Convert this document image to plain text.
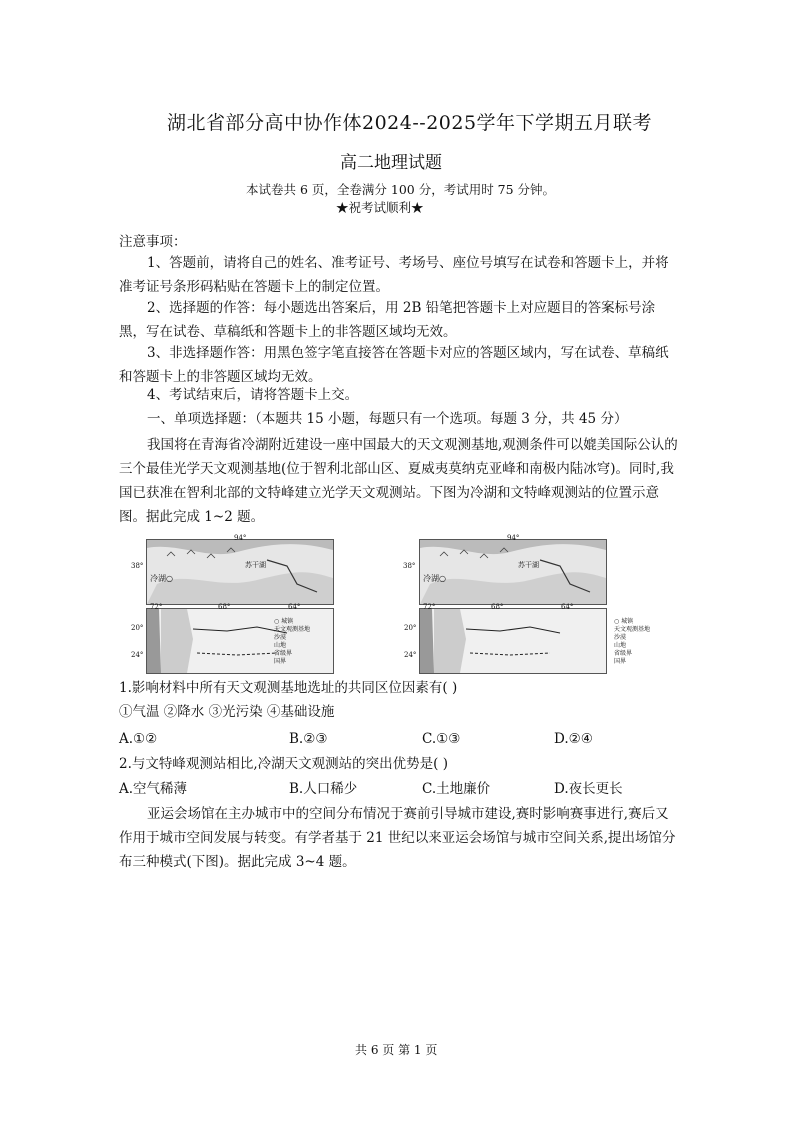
湖北省部分高中协作体2024--2025学年下学期五月联考
高二地理试题
本试卷共 6 页，全卷满分 100 分，考试用时 75 分钟。
★祝考试顺利★
注意事项：
1、答题前，请将自己的姓名、准考证号、考场号、座位号填写在试卷和答题卡上，并将准考证号条形码粘贴在答题卡上的制定位置。
2、选择题的作答：每小题选出答案后，用 2B 铅笔把答题卡上对应题目的答案标号涂黑，写在试卷、草稿纸和答题卡上的非答题区域均无效。
3、非选择题作答：用黑色签字笔直接答在答题卡对应的答题区域内，写在试卷、草稿纸和答题卡上的非答题区域均无效。
4、考试结束后，请将答题卡上交。
一、单项选择题：（本题共 15 小题，每题只有一个选项。每题 3 分，共 45 分）
我国将在青海省冷湖附近建设一座中国最大的天文观测基地,观测条件可以媲美国际公认的三个最佳光学天文观测基地(位于智利北部山区、夏威夷莫纳克亚峰和南极内陆冰穹)。同时,我国已获准在智利北部的文特峰建立光学天文观测站。下图为冷湖和文特峰观测站的位置示意图。据此完成 1~2 题。
38°
94°
冷湖○
苏干湖
72°	68°	64°
20°
24°
○ 城镇
天文观测基地
沙漠
山地
省级界
国界
38°
94°
冷湖○
苏干湖
72°	68°	64°
20°
24°
○ 城镇
天文观测基地
沙漠
山地
省级界
国界
1.影响材料中所有天文观测基地选址的共同区位因素有( )
①气温 ②降水 ③光污染 ④基础设施
A.①②	B.②③	C.①③	D.②④
2.与文特峰观测站相比,冷湖天文观测站的突出优势是( )
A.空气稀薄	B.人口稀少	C.土地廉价	D.夜长更长
亚运会场馆在主办城市中的空间分布情况于赛前引导城市建设,赛时影响赛事进行,赛后又作用于城市空间发展与转变。有学者基于 21 世纪以来亚运会场馆与城市空间关系,提出场馆分布三种模式(下图)。据此完成 3~4 题。
共 6 页 第 1 页
